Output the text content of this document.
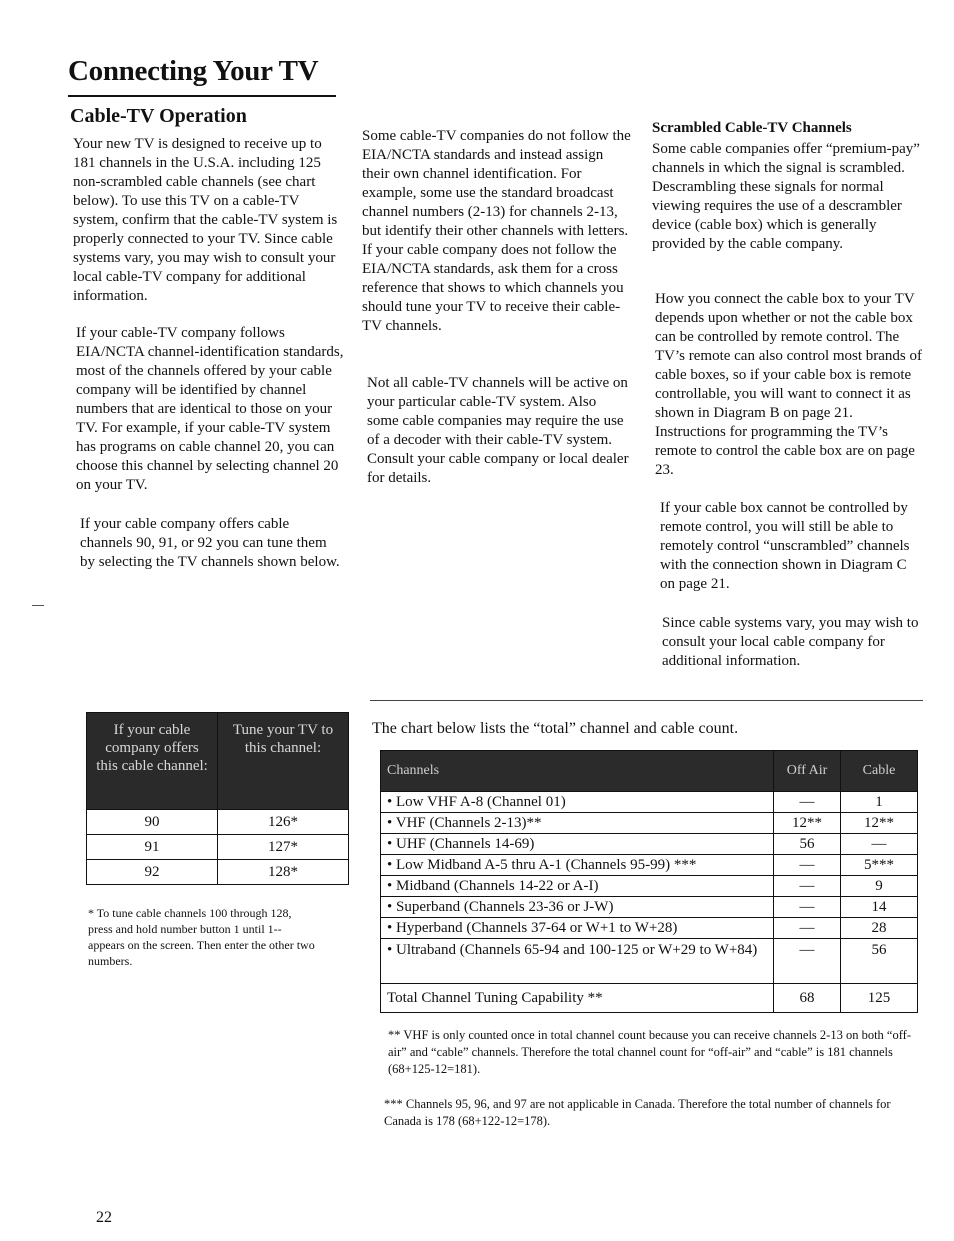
Connecting Your TV
Cable-TV Operation
Your new TV is designed to receive up to 181 channels in the U.S.A. including 125 non-scrambled cable channels (see chart below). To use this TV on a cable-TV system, confirm that the cable-TV system is properly connected to your TV. Since cable systems vary, you may wish to consult your local cable-TV company for additional information.
If your cable-TV company follows EIA/NCTA channel-identification standards, most of the channels offered by your cable company will be identified by channel numbers that are identical to those on your TV. For example, if your cable-TV system has programs on cable channel 20, you can choose this channel by selecting channel 20 on your TV.
If your cable company offers cable channels 90, 91, or 92 you can tune them by selecting the TV channels shown below.
Some cable-TV companies do not follow the EIA/NCTA standards and instead assign their own channel identification. For example, some use the standard broadcast channel numbers (2-13) for channels 2-13, but identify their other channels with letters. If your cable company does not follow the EIA/NCTA standards, ask them for a cross reference that shows to which channels you should tune your TV to receive their cable-TV channels.
Not all cable-TV channels will be active on your particular cable-TV system. Also some cable companies may require the use of a decoder with their cable-TV system. Consult your cable company or local dealer for details.
Scrambled Cable-TV Channels
Some cable companies offer “premium-pay” channels in which the signal is scrambled. Descrambling these signals for normal viewing requires the use of a descrambler device (cable box) which is generally provided by the cable company.
How you connect the cable box to your TV depends upon whether or not the cable box can be controlled by remote control. The TV’s remote can also control most brands of cable boxes, so if your cable box is remote controllable, you will want to connect it as shown in Diagram B on page 21. Instructions for programming the TV’s remote to control the cable box are on page 23.
If your cable box cannot be controlled by remote control, you will still be able to remotely control “unscrambled” channels with the connection shown in Diagram C on page 21.
Since cable systems vary, you may wish to consult your local cable company for additional information.
If your cable company offers this cable channel:	Tune your TV to this channel:
90	126*
91	127*
92	128*
* To tune cable channels 100 through 128, press and hold number button 1 until 1-- appears on the screen. Then enter the other two numbers.
The chart below lists the “total” channel and cable count.
Channels	Off Air	Cable
• Low VHF A-8 (Channel 01)	—	1
• VHF (Channels 2-13)**	12**	12**
• UHF (Channels 14-69)	56	—
• Low Midband A-5 thru A-1 (Channels 95-99) ***	—	5***
• Midband (Channels 14-22 or A-I)	—	9
• Superband (Channels 23-36 or J-W)	—	14
• Hyperband (Channels 37-64 or W+1 to W+28)	—	28
• Ultraband (Channels 65-94 and 100-125 or W+29 to W+84)	—	56
Total Channel Tuning Capability **	68	125
** VHF is only counted once in total channel count because you can receive channels 2-13 on both “off-air” and “cable” channels. Therefore the total channel count for “off-air” and “cable” is 181 channels (68+125-12=181).
*** Channels 95, 96, and 97 are not applicable in Canada. Therefore the total number of channels for Canada is 178 (68+122-12=178).
22
